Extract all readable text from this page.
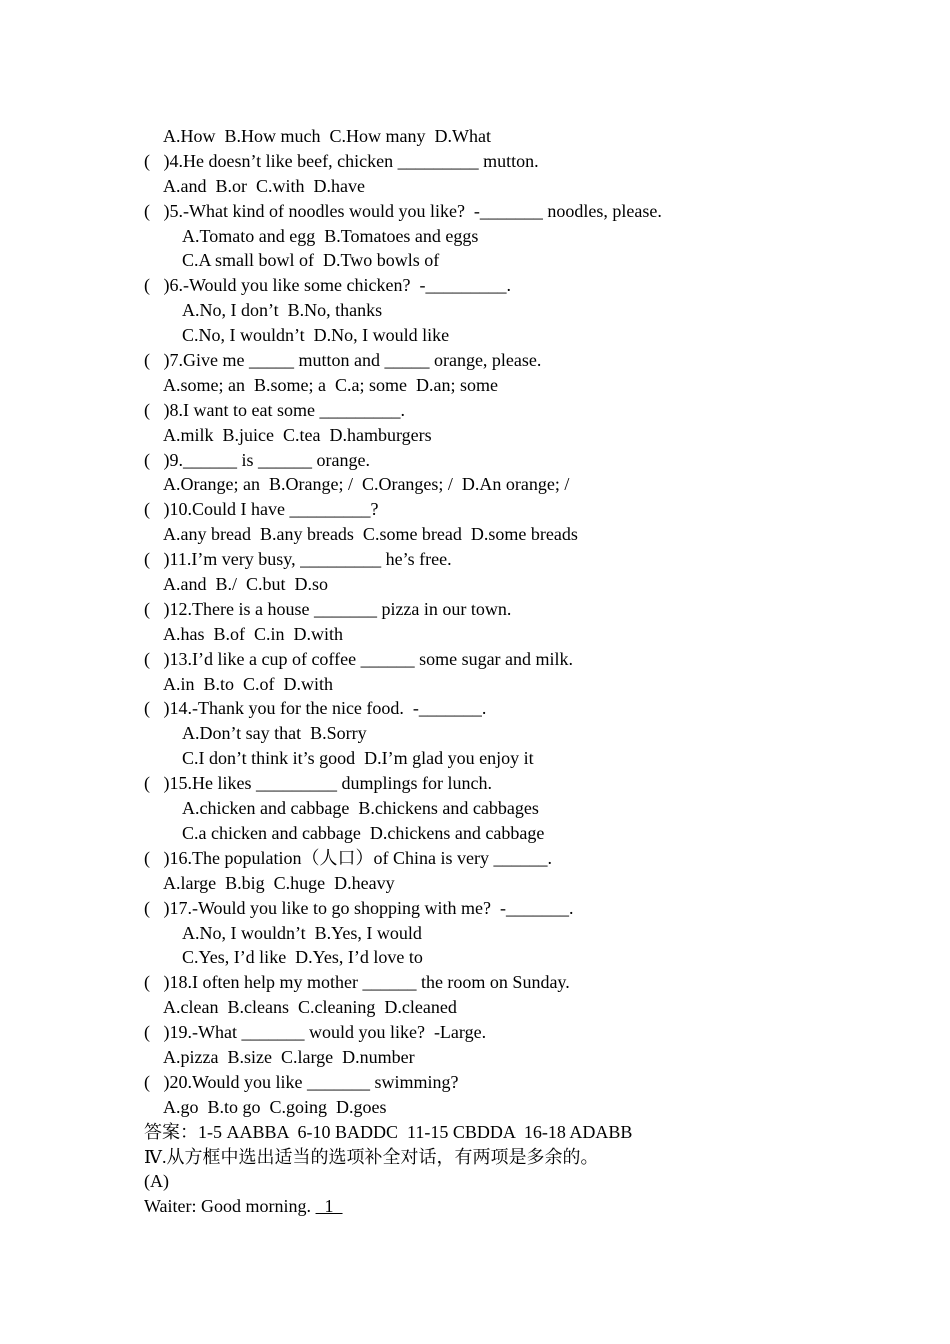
A.How  B.How much  C.How many  D.What
(   )4.He doesn’t like beef, chicken _________ mutton.
A.and  B.or  C.with  D.have
(   )5.-What kind of noodles would you like?  -_______ noodles, please.
A.Tomato and egg  B.Tomatoes and eggs
C.A small bowl of  D.Two bowls of
(   )6.-Would you like some chicken?  -_________.
A.No, I don’t  B.No, thanks
C.No, I wouldn’t  D.No, I would like
(   )7.Give me _____ mutton and _____ orange, please.
A.some; an  B.some; a  C.a; some  D.an; some
(   )8.I want to eat some _________.
A.milk  B.juice  C.tea  D.hamburgers
(   )9.______ is ______ orange.
A.Orange; an  B.Orange; /  C.Oranges; /  D.An orange; /
(   )10.Could I have _________?
A.any bread  B.any breads  C.some bread  D.some breads
(   )11.I’m very busy, _________ he’s free.
A.and  B./  C.but  D.so
(   )12.There is a house _______ pizza in our town.
A.has  B.of  C.in  D.with
(   )13.I’d like a cup of coffee ______ some sugar and milk.
A.in  B.to  C.of  D.with
(   )14.-Thank you for the nice food.  -_______.
A.Don’t say that  B.Sorry
C.I don’t think it’s good  D.I’m glad you enjoy it
(   )15.He likes _________ dumplings for lunch.
A.chicken and cabbage  B.chickens and cabbages
C.a chicken and cabbage  D.chickens and cabbage
(   )16.The population（人口）of China is very ______.
A.large  B.big  C.huge  D.heavy
(   )17.-Would you like to go shopping with me?  -_______.
A.No, I wouldn’t  B.Yes, I would
C.Yes, I’d like  D.Yes, I’d love to
(   )18.I often help my mother ______ the room on Sunday.
A.clean  B.cleans  C.cleaning  D.cleaned
(   )19.-What _______ would you like?  -Large.
A.pizza  B.size  C.large  D.number
(   )20.Would you like _______ swimming?
A.go  B.to go  C.going  D.goes
答案：1-5 AABBA  6-10 BADDC  11-15 CBDDA  16-18 ADABB
Ⅳ.从方框中选出适当的选项补全对话，有两项是多余的。
(A)
Waiter: Good morning.   1
